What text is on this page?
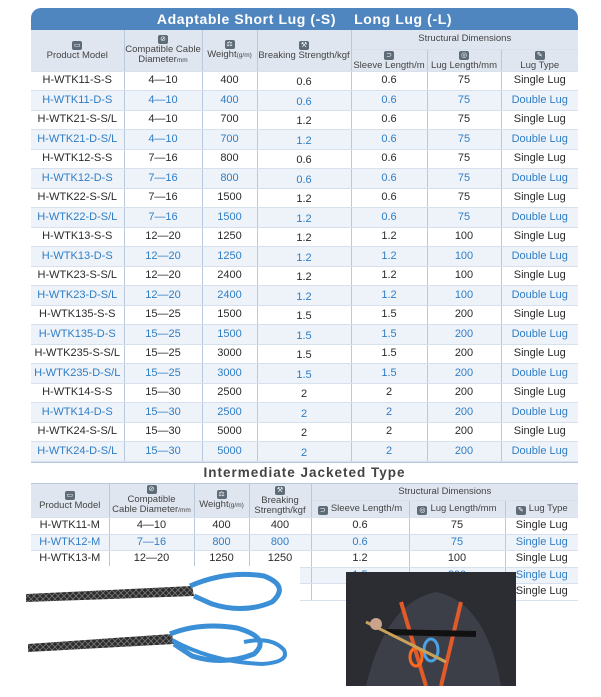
Adaptable Short Lug (-S) Long Lug (-L)
▭
Product Model	⊘
Compatible Cable Diametermm	⚖
Weight(g/m)	⚒
Breaking Strength/kgf	Structural Dimensions		
				⊃
Sleeve Length/m	◎
Lug Length/mm	✎
Lug Type
H-WTK11-S-S	4—10	400	0.6	0.6	75	Single Lug
H-WTK11-D-S	4—10	400	0.6	0.6	75	Double Lug
H-WTK21-S-S/L	4—10	700	1.2	0.6	75	Single Lug
H-WTK21-D-S/L	4—10	700	1.2	0.6	75	Double Lug
H-WTK12-S-S	7—16	800	0.6	0.6	75	Single Lug
H-WTK12-D-S	7—16	800	0.6	0.6	75	Double Lug
H-WTK22-S-S/L	7—16	1500	1.2	0.6	75	Single Lug
H-WTK22-D-S/L	7—16	1500	1.2	0.6	75	Double Lug
H-WTK13-S-S	12—20	1250	1.2	1.2	100	Single Lug
H-WTK13-D-S	12—20	1250	1.2	1.2	100	Double Lug
H-WTK23-S-S/L	12—20	2400	1.2	1.2	100	Single Lug
H-WTK23-D-S/L	12—20	2400	1.2	1.2	100	Double Lug
H-WTK135-S-S	15—25	1500	1.5	1.5	200	Single Lug
H-WTK135-D-S	15—25	1500	1.5	1.5	200	Double Lug
H-WTK235-S-S/L	15—25	3000	1.5	1.5	200	Single Lug
H-WTK235-D-S/L	15—25	3000	1.5	1.5	200	Double Lug
H-WTK14-S-S	15—30	2500	2	2	200	Single Lug
H-WTK14-D-S	15—30	2500	2	2	200	Double Lug
H-WTK24-S-S/L	15—30	5000	2	2	200	Single Lug
H-WTK24-D-S/L	15—30	5000	2	2	200	Double Lug
Intermediate Jacketed Type
▭
Product Model	⊘
Compatible
Cable Diameter/mm	⚖
Weight(g/m)	⚒
Breaking
Strength/kgf	Structural Dimensions		
				⊃ Sleeve Length/m	◎ Lug Length/mm	✎ Lug Type
H-WTK11-M	4—10	400	400	0.6	75	Single Lug
H-WTK12-M	7—16	800	800	0.6	75	Single Lug
H-WTK13-M	12—20	1250	1250	1.2	100	Single Lug
						Single Lug
						Single Lug
